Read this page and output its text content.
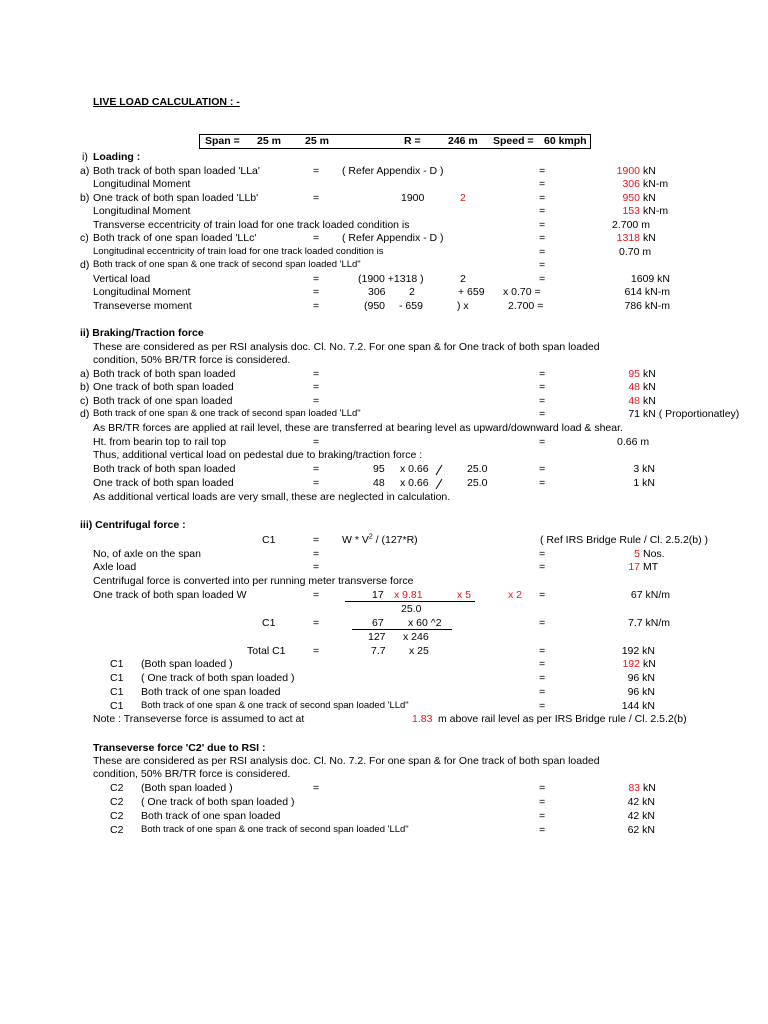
LIVE LOAD CALCULATION : -
Span = 25 m 25 m	R =	246 m Speed = 60 kmph
i) Loading :
a) Both track of both span loaded 'LLa'	= ( Refer Appendix - D )	=	1900 kN
Longitudinal Moment	=	306 kN-m
b) One track of both span loaded 'LLb'	=	1900	2	=	950 kN
Longitudinal Moment	=	153 kN-m
Transverse eccentricity of train load for one track loaded condition is	=	2.700 m
c) Both track of one span loaded 'LLc'	= ( Refer Appendix - D )	=	1318 kN
Longitudinal eccentricity of train load for one track loaded condition is	=	0.70 m
d) Both track of one span & one track of second span loaded 'LLd"	=
Vertical load	=	(1900 +1318 )	2	=	1609 kN
Longitudinal Moment	=	306 2	+ 659 x 0.70 =	614 kN-m
Transeverse moment	=	(950 - 659	) x	2.700 =	786 kN-m
ii) Braking/Traction force
These are considered as per RSI analysis doc. Cl. No. 7.2. For one span & for One track of both span loaded
condition, 50% BR/TR force is considered.
a) Both track of both span loaded	=	=	95 kN
b) One track of both span loaded	=	=	48 kN
c) Both track of one span loaded	=	=	48 kN
d) Both track of one span & one track of second span loaded 'LLd"	=	71 kN ( Proportionatley)
As BR/TR forces are applied at rail level, these are transferred at bearing level as upward/downward load & shear.
Ht. from bearin top to rail top	=	=	0.66 m
Thus, additional vertical load on pedestal due to braking/traction force :
Both track of both span loaded	=	95 x 0.66	25.0	=	3 kN
One track of both span loaded	=	48 x 0.66	25.0	=	1 kN
As additional vertical loads are very small, these are neglected in calculation.
iii) Centrifugal force :
C1	= W * $V^2 / (127*R)$	( Ref IRS Bridge Rule / Cl. 2.5.2(b) )
No, of axle on the span	=	=	5 Nos.
Axle load	=	=	17 MT
Centrifugal force is converted into per running meter transverse force
One track of both span loaded W	=	17 x 9.81	x 5	x 2 =	67 kN/m
25.0
C1	=	67 x 60 ^2	=	7.7 kN/m
127 x 246
Total C1	=	7.7 x 25	=	192 kN
C1 (Both span loaded )	=	192 kN
C1 ( One track of both span loaded )	=	96 kN
C1 Both track of one span loaded	=	96 kN
C1 Both track of one span & one track of second span loaded 'LLd"	=	144 kN
Note : Transeverse force is assumed to act at	1.83 m above rail level as per IRS Bridge rule / Cl. 2.5.2(b)
Transeverse force 'C2' due to RSI :
These are considered as per RSI analysis doc. Cl. No. 7.2. For one span & for One track of both span loaded
condition, 50% BR/TR force is considered.
C2 (Both span loaded )	=	=	83 kN
C2 ( One track of both span loaded )	=	42 kN
C2 Both track of one span loaded	=	42 kN
C2 Both track of one span & one track of second span loaded 'LLd"	=	62 kN
